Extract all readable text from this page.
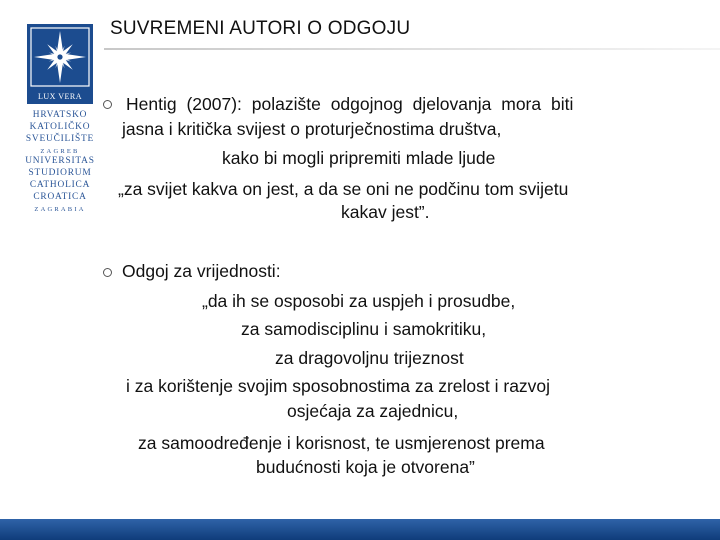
SUVREMENI AUTORI O ODGOJU
LUX VERA
HRVATSKO
KATOLIČKO
SVEUČILIŠTE
ZAGREB
UNIVERSITAS
STUDIORUM
CATHOLICA
CROATICA
ZAGRABIA
Hentig (2007): polazište odgojnog djelovanja mora biti
jasna i kritička svijest o proturječnostima društva,
kako bi mogli pripremiti mlade ljude
„za svijet kakva on jest, a da se oni ne podčinu tom svijetu
kakav jest”.
Odgoj za vrijednosti:
„da ih se osposobi za uspjeh i prosudbe,
za samodisciplinu i samokritiku,
za dragovoljnu trijeznost
i za korištenje svojim sposobnostima za zrelost i razvoj
osjećaja za zajednicu,
za samoodređenje i korisnost, te usmjerenost prema
budućnosti koja je otvorena”
